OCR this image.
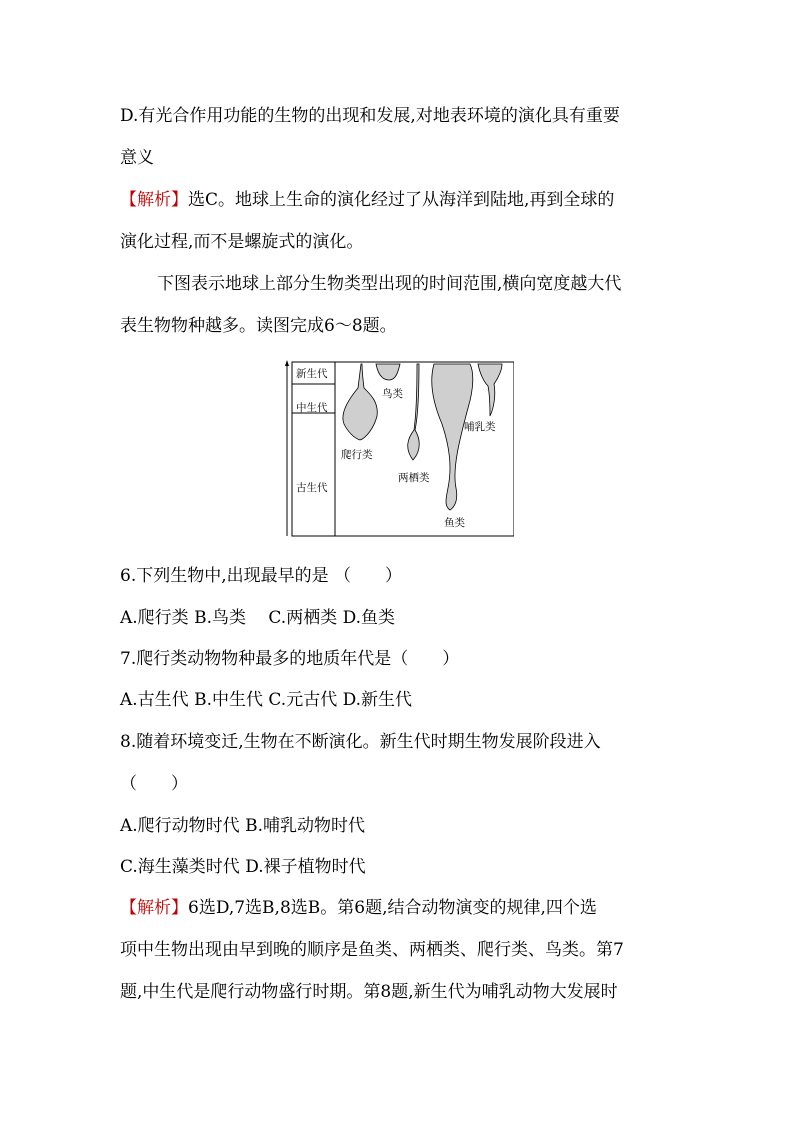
D.有光合作用功能的生物的出现和发展,对地表环境的演化具有重要
意义
【解析】选C。地球上生命的演化经过了从海洋到陆地,再到全球的
演化过程,而不是螺旋式的演化。
下图表示地球上部分生物类型出现的时间范围,横向宽度越大代
表生物物种越多。读图完成6～8题。
新生代
中生代
古生代
鸟类
哺乳类
爬行类
两栖类
鱼类
6.下列生物中,出现最早的是 （　　）
A.爬行类 B.鸟类　 C.两栖类 D.鱼类
7.爬行类动物物种最多的地质年代是（　　）
A.古生代 B.中生代 C.元古代 D.新生代
8.随着环境变迁,生物在不断演化。新生代时期生物发展阶段进入
（　　）
A.爬行动物时代 B.哺乳动物时代
C.海生藻类时代 D.裸子植物时代
【解析】6选D,7选B,8选B。第6题,结合动物演变的规律,四个选
项中生物出现由早到晚的顺序是鱼类、两栖类、爬行类、鸟类。第7
题,中生代是爬行动物盛行时期。第8题,新生代为哺乳动物大发展时
